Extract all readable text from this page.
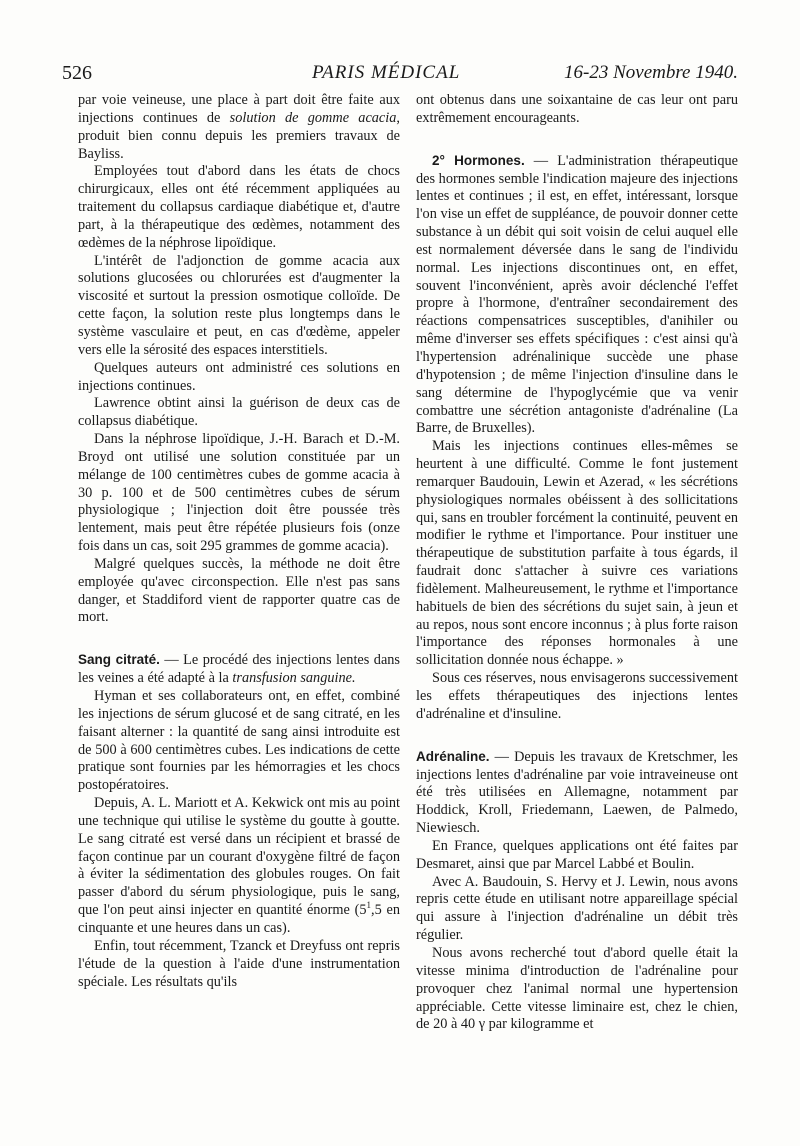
526	PARIS MÉDICAL	16-23 Novembre 1940.

par voie veineuse, une place à part doit être faite aux injections continues de solution de gomme acacia, produit bien connu depuis les premiers travaux de Bayliss.

Employées tout d'abord dans les états de chocs chirurgicaux, elles ont été récemment appliquées au traitement du collapsus cardiaque diabétique et, d'autre part, à la thérapeutique des œdèmes, notamment des œdèmes de la néphrose lipoïdique.

L'intérêt de l'adjonction de gomme acacia aux solutions glucosées ou chlorurées est d'augmenter la viscosité et surtout la pression osmotique colloïde. De cette façon, la solution reste plus longtemps dans le système vasculaire et peut, en cas d'œdème, appeler vers elle la sérosité des espaces interstitiels.

Quelques auteurs ont administré ces solutions en injections continues.

Lawrence obtint ainsi la guérison de deux cas de collapsus diabétique.

Dans la néphrose lipoïdique, J.-H. Barach et D.-M. Broyd ont utilisé une solution constituée par un mélange de 100 centimètres cubes de gomme acacia à 30 p. 100 et de 500 centimètres cubes de sérum physiologique ; l'injection doit être poussée très lentement, mais peut être répétée plusieurs fois (onze fois dans un cas, soit 295 grammes de gomme acacia).

Malgré quelques succès, la méthode ne doit être employée qu'avec circonspection. Elle n'est pas sans danger, et Staddiford vient de rapporter quatre cas de mort.

Sang citraté. — Le procédé des injections lentes dans les veines a été adapté à la transfusion sanguine.

Hyman et ses collaborateurs ont, en effet, combiné les injections de sérum glucosé et de sang citraté, en les faisant alterner : la quantité de sang ainsi introduite est de 500 à 600 centimètres cubes. Les indications de cette pratique sont fournies par les hémorragies et les chocs postopératoires.

Depuis, A. L. Mariott et A. Kekwick ont mis au point une technique qui utilise le système du goutte à goutte. Le sang citraté est versé dans un récipient et brassé de façon continue par un courant d'oxygène filtré de façon à éviter la sédimentation des globules rouges. On fait passer d'abord du sérum physiologique, puis le sang, que l'on peut ainsi injecter en quantité énorme ($5^1,5$ en cinquante et une heures dans un cas).

Enfin, tout récemment, Tzanck et Dreyfuss ont repris l'étude de la question à l'aide d'une instrumentation spéciale. Les résultats qu'ils

ont obtenus dans une soixantaine de cas leur ont paru extrêmement encourageants.

2° Hormones. — L'administration thérapeutique des hormones semble l'indication majeure des injections lentes et continues ; il est, en effet, intéressant, lorsque l'on vise un effet de suppléance, de pouvoir donner cette substance à un débit qui soit voisin de celui auquel elle est normalement déversée dans le sang de l'individu normal. Les injections discontinues ont, en effet, souvent l'inconvénient, après avoir déclenché l'effet propre à l'hormone, d'entraîner secondairement des réactions compensatrices susceptibles, d'anihiler ou même d'inverser ses effets spécifiques : c'est ainsi qu'à l'hypertension adrénalinique succède une phase d'hypotension ; de même l'injection d'insuline dans le sang détermine de l'hypoglycémie que va venir combattre une sécrétion antagoniste d'adrénaline (La Barre, de Bruxelles).

Mais les injections continues elles-mêmes se heurtent à une difficulté. Comme le font justement remarquer Baudouin, Lewin et Azerad, « les sécrétions physiologiques normales obéissent à des sollicitations qui, sans en troubler forcément la continuité, peuvent en modifier le rythme et l'importance. Pour instituer une thérapeutique de substitution parfaite à tous égards, il faudrait donc s'attacher à suivre ces variations fidèlement. Malheureusement, le rythme et l'importance habituels de bien des sécrétions du sujet sain, à jeun et au repos, nous sont encore inconnus ; à plus forte raison l'importance des réponses hormonales à une sollicitation donnée nous échappe. »

Sous ces réserves, nous envisagerons successivement les effets thérapeutiques des injections lentes d'adrénaline et d'insuline.

Adrénaline. — Depuis les travaux de Kretschmer, les injections lentes d'adrénaline par voie intraveineuse ont été très utilisées en Allemagne, notamment par Hoddick, Kroll, Friedemann, Laewen, de Palmedo, Niewiesch.

En France, quelques applications ont été faites par Desmaret, ainsi que par Marcel Labbé et Boulin.

Avec A. Baudouin, S. Hervy et J. Lewin, nous avons repris cette étude en utilisant notre appareillage spécial qui assure à l'injection d'adrénaline un débit très régulier.

Nous avons recherché tout d'abord quelle était la vitesse minima d'introduction de l'adrénaline pour provoquer chez l'animal normal une hypertension appréciable. Cette vitesse liminaire est, chez le chien, de 20 à 40 γ par kilogramme et
